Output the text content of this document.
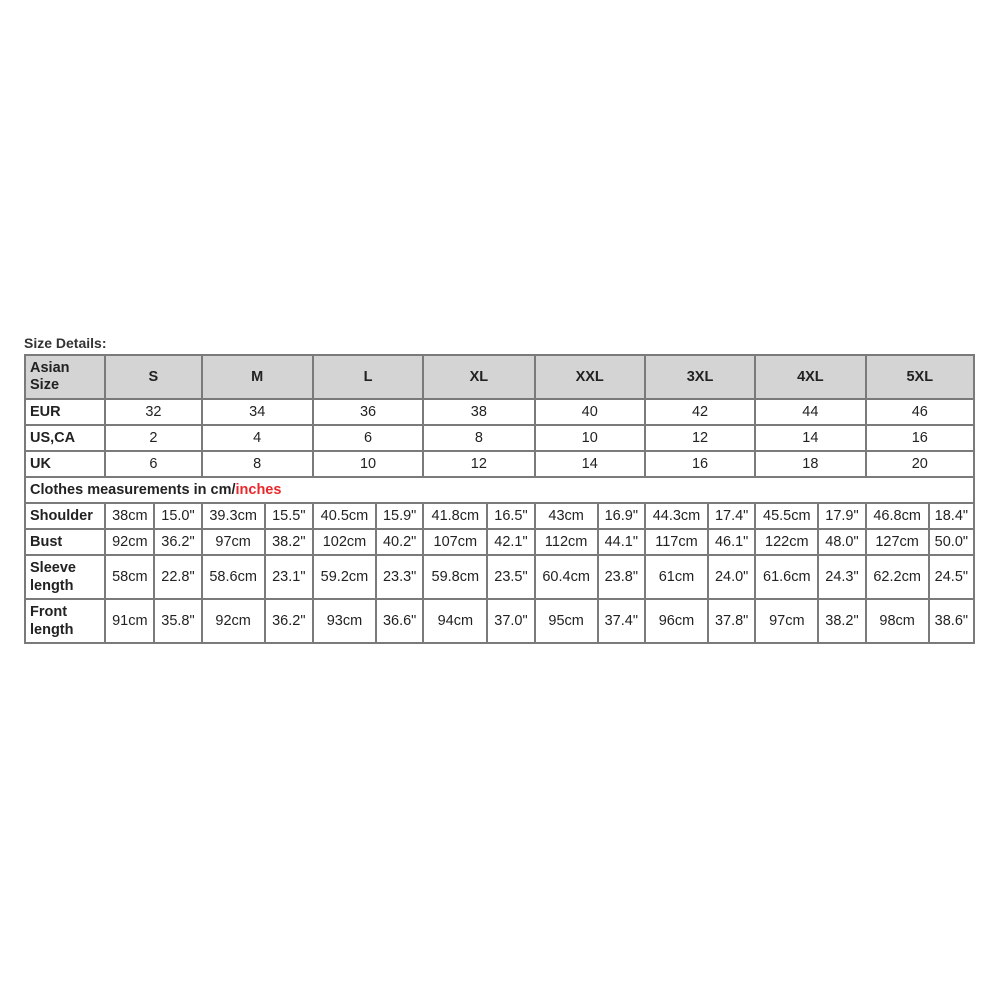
Size Details:
Asian
Size	S		M		L		XL		XXL		3XL		4XL		5XL	
EUR	32		34		36		38		40		42		44		46	
US,CA	2		4		6		8		10		12		14		16	
UK	6		8		10		12		14		16		18		20	
Clothes measurements in cm/inches																
Shoulder	38cm	15.0"	39.3cm	15.5"	40.5cm	15.9"	41.8cm	16.5"	43cm	16.9"	44.3cm	17.4"	45.5cm	17.9"	46.8cm	18.4"
Bust	92cm	36.2"	97cm	38.2"	102cm	40.2"	107cm	42.1"	112cm	44.1"	117cm	46.1"	122cm	48.0"	127cm	50.0"
Sleeve
length	58cm	22.8"	58.6cm	23.1"	59.2cm	23.3"	59.8cm	23.5"	60.4cm	23.8"	61cm	24.0"	61.6cm	24.3"	62.2cm	24.5"
Front
length	91cm	35.8"	92cm	36.2"	93cm	36.6"	94cm	37.0"	95cm	37.4"	96cm	37.8"	97cm	38.2"	98cm	38.6"
